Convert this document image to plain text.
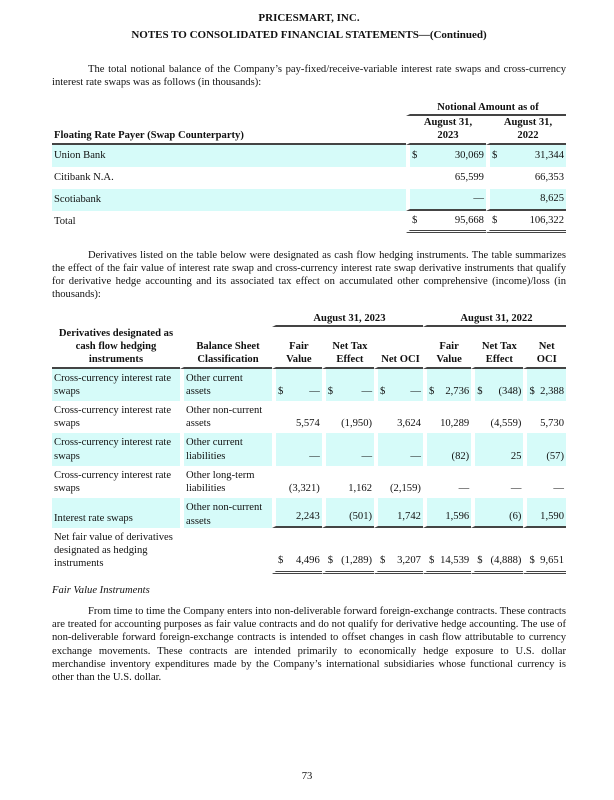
PRICESMART, INC.
NOTES TO CONSOLIDATED FINANCIAL STATEMENTS—(Continued)
The total notional balance of the Company’s pay-fixed/receive-variable interest rate swaps and cross-currency interest rate swaps was as follows (in thousands):
	Notional Amount as of			
Floating Rate Payer (Swap Counterparty)	August 31, 2023		August 31, 2022	
Union Bank	$	30,069	$	31,344
Citibank N.A.		65,599		66,353
Scotiabank		—		8,625
Total	$	95,668	$	106,322
Derivatives listed on the table below were designated as cash flow hedging instruments. The table summarizes the effect of the fair value of interest rate swap and cross-currency interest rate swap derivative instruments that qualify for derivative hedge accounting and its associated tax effect on accumulated other comprehensive (income)/loss (in thousands):
		August 31, 2023						August 31, 2022					
Derivatives designated as cash flow hedging instruments	Balance Sheet Classification	Fair Value		Net Tax Effect		Net OCI		Fair Value		Net Tax Effect		Net OCI	
Cross-currency interest rate swaps	Other current assets	$	—	$	—	$	—	$	2,736	$	(348)	$	2,388
Cross-currency interest rate swaps	Other non-current assets		5,574		(1,950)		3,624		10,289		(4,559)		5,730
Cross-currency interest rate swaps	Other current liabilities		—		—		—		(82)		25		(57)
Cross-currency interest rate swaps	Other long-term liabilities		(3,321)		1,162		(2,159)		—		—		—
Interest rate swaps	Other non-current assets		2,243		(501)		1,742		1,596		(6)		1,590
Net fair value of derivatives designated as hedging instruments		$	4,496	$	(1,289)	$	3,207	$	14,539	$	(4,888)	$	9,651
Fair Value Instruments
From time to time the Company enters into non-deliverable forward foreign-exchange contracts. These contracts are treated for accounting purposes as fair value contracts and do not qualify for derivative hedge accounting. The use of non-deliverable forward foreign-exchange contracts is intended to offset changes in cash flow attributable to currency exchange movements. These contracts are intended primarily to economically hedge exposure to U.S. dollar merchandise inventory expenditures made by the Company’s international subsidiaries whose functional currency is other than the U.S. dollar.
73
